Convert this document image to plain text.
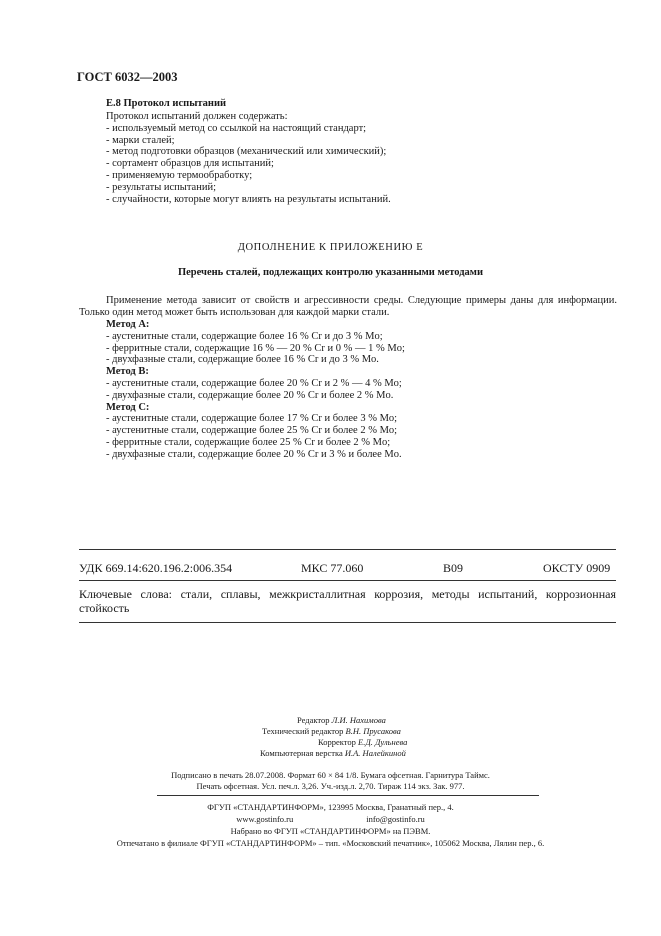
ГОСТ 6032—2003
Е.8 Протокол испытаний
Протокол испытаний должен содержать:
- используемый метод со ссылкой на настоящий стандарт;
- марки сталей;
- метод подготовки образцов (механический или химический);
- сортамент образцов для испытаний;
- применяемую термообработку;
- результаты испытаний;
- случайности, которые могут влиять на результаты испытаний.
ДОПОЛНЕНИЕ К ПРИЛОЖЕНИЮ Е
Перечень сталей, подлежащих контролю указанными методами
Применение метода зависит от свойств и агрессивности среды. Следующие примеры даны для информации. Только один метод может быть использован для каждой марки стали.
Метод А:
- аустенитные стали, содержащие более 16 % Cr и до 3 % Mo;
- ферритные стали, содержащие 16 % — 20 % Cr и 0 % — 1 % Mo;
- двухфазные стали, содержащие более 16 % Cr и до 3 % Mo.
Метод В:
- аустенитные стали, содержащие более 20 % Cr и 2 % — 4 % Mo;
- двухфазные стали, содержащие более 20 % Cr и более 2 % Mo.
Метод С:
- аустенитные стали, содержащие более 17 % Cr и более 3 % Mo;
- аустенитные стали, содержащие более 25 % Cr и более 2 % Mo;
- ферритные стали, содержащие более 25 % Cr и более 2 % Mo;
- двухфазные стали, содержащие более 20 % Cr и 3 % и более Mo.
УДК 669.14:620.196.2:006.354	МКС 77.060	В09	ОКСТУ 0909
Ключевые слова: стали, сплавы, межкристаллитная коррозия, методы испытаний, коррозионная стойкость
Редактор Л.И. Нахимова
Технический редактор В.Н. Прусакова
Корректор Е.Д. Дульнева
Компьютерная верстка И.А. Налейкиной
Подписано в печать 28.07.2008. Формат 60 × 84 1/8. Бумага офсетная. Гарнитура Таймс.
Печать офсетная. Усл. печ.л. 3,26. Уч.-изд.л. 2,70. Тираж 114 экз. Зак. 977.
ФГУП «СТАНДАРТИНФОРМ», 123995 Москва, Гранатный пер., 4.
www.gostinfo.ru	info@gostinfo.ru
Набрано во ФГУП «СТАНДАРТИНФОРМ» на ПЭВМ.
Отпечатано в филиале ФГУП «СТАНДАРТИНФОРМ» – тип. «Московский печатник», 105062 Москва, Лялин пер., 6.
